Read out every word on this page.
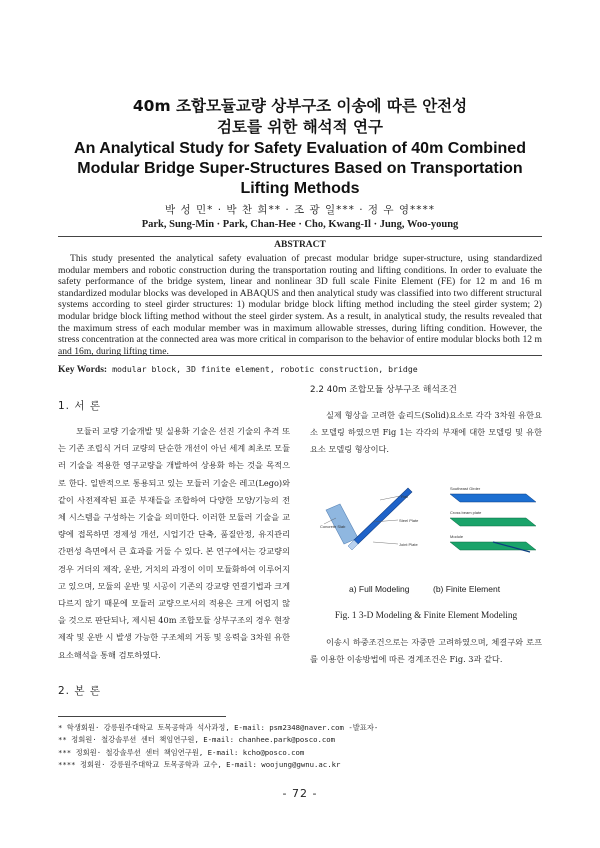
40m 조합모듈교량 상부구조 이송에 따른 안전성
검토를 위한 해석적 연구
An Analytical Study for Safety Evaluation of 40m Combined
Modular Bridge Super-Structures Based on Transportation
Lifting Methods
박 성 민* · 박 찬 희** · 조 광 일*** · 정 우 영****
Park, Sung-Min · Park, Chan-Hee · Cho, Kwang-Il · Jung, Woo-young
ABSTRACT

This study presented the analytical safety evaluation of precast modular bridge super-structure, using standardized modular members and robotic construction during the transportation routing and lifting conditions. In order to evaluate the safety performance of the bridge system, linear and nonlinear 3D full scale Finite Element (FE) for 12 m and 16 m standardized modular blocks was developed in ABAQUS and then analytical study was classified into two different structural systems according to steel girder structures: 1) modular bridge block lifting method including the steel girder system; 2) modular bridge block lifting method without the steel girder system. As a result, in analytical study, the results revealed that the maximum stress of each modular member was in maximum allowable stresses, during lifting condition. However, the stress concentration at the connected area was more critical in comparison to the behavior of entire modular blocks both 12 m and 16m, during lifting time.

Key Words: modular block, 3D finite element, robotic construction, bridge
1. 서 론

모듈러 교량 기술개발 및 실용화 기술은 선진 기술의 추격 또는 기존 조립식 거더 교량의 단순한 개선이 아닌 세계 최초로 모듈러 기술을 적용한 영구교량을 개발하여 상용화 하는 것을 목적으로 한다. 일반적으로 통용되고 있는 모듈러 기술은 레고(Lego)와 같이 사전제작된 표준 부재들을 조합하여 다양한 모양/기능의 전체 시스템을 구성하는 기술을 의미한다. 이러한 모듈러 기술을 교량에 접목하면 경제성 개선, 시업기간 단축, 품질안정, 유지관리 간편성 측면에서 큰 효과를 거둘 수 있다. 본 연구에서는 강교량의 경우 거더의 제작, 운반, 거치의 과정이 이미 모듈화하여 이루어지고 있으며, 모듈의 운반 및 시공이 기존의 강교량 연결기법과 크게 다르지 않기 때문에 모듈러 교량으로서의 적용은 크게 어렵지 않을 것으로 판단되나, 제시된 40m 조합모듈 상부구조의 경우 현장제작 및 운반 시 발생 가능한 구조체의 거동 및 응력을 3차원 유한요소해석을 통해 검토하였다.

2. 본 론
2.2 40m 조합모듈 상부구조 해석조건

실제 형상을 고려한 솔리드(Solid)요소로 각각 3차원 유한요소 모델링 하였으면 Fig 1는 각각의 부재에 대한 모델링 및 유한요소 모델링 형상이다.

Concrete Slab
Rail
Steel Plate
Joint Plate
Southeast Girder
Cross beam plate
Module
a) Full Modeling	(b) Finite Element
Fig. 1 3-D Modeling & Finite Element Modeling

이송시 하중조건으로는 자중만 고려하였으며, 체결구와 로프를 이용한 이송방법에 따른 경계조건은 Fig. 3과 같다.

* 학생회원· 강릉원주대학교 토목공학과 석사과정, E-mail: psm2348@naver.com -발표자-
** 정회원· 철강솔루션 센터 책임연구원, E-mail: chanhee.park@posco.com
*** 정회원· 철강솔루션 센터 책임연구원, E-mail: kcho@posco.com
**** 정회원· 강릉원주대학교 토목공학과 교수, E-mail: woojung@gwnu.ac.kr
- 72 -
